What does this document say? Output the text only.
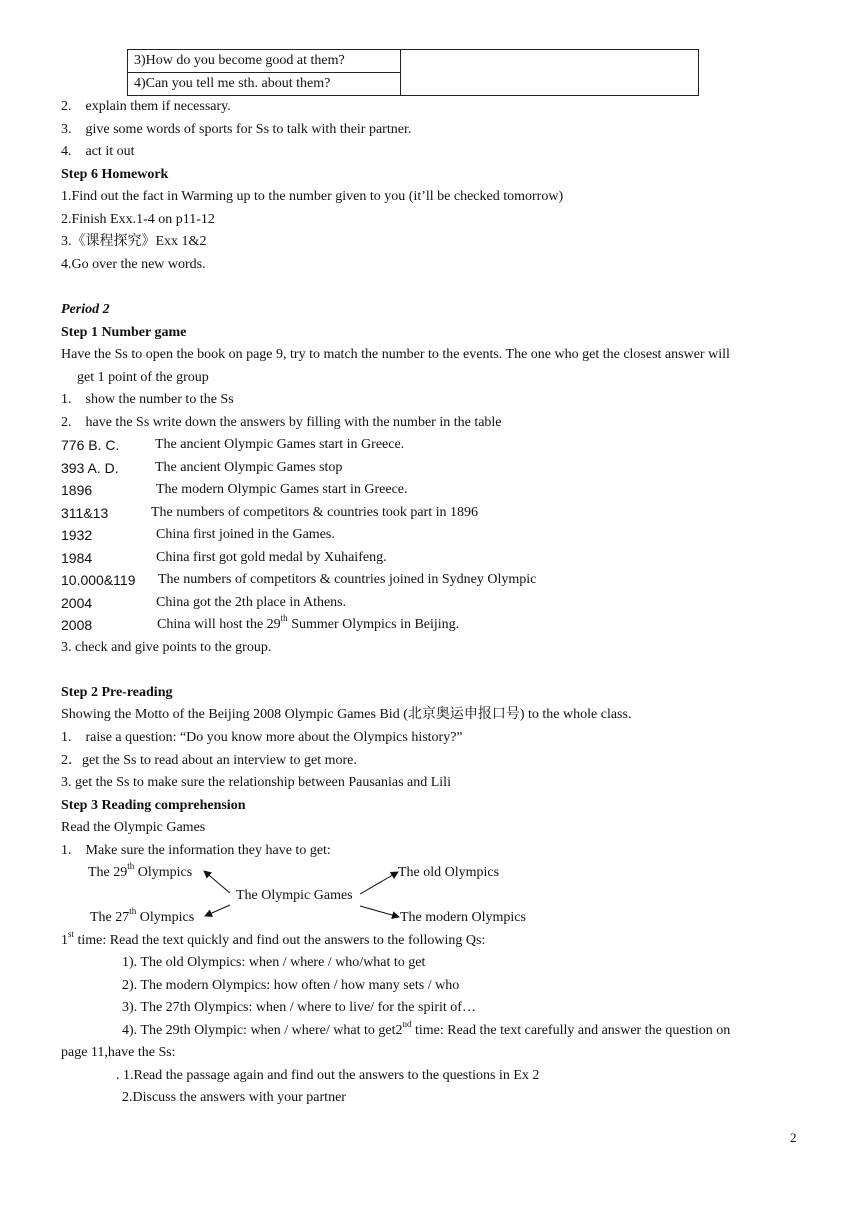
3)How do you become good at them?	
4)Can you tell me sth. about them?
2.    explain them if necessary.
3.    give some words of sports for Ss to talk with their partner.
4.    act it out
Step 6 Homework
1.Find out the fact in Warming up to the number given to you (it’ll be checked tomorrow)
2.Finish Exx.1-4 on p11-12
3.《课程探究》Exx 1&2
4.Go over the new words.
Period 2
Step 1 Number game
Have the Ss to open the book on page 9, try to match the number to the events. The one who get the closest answer will
get 1 point of the group
1.    show the number to the Ss
2.    have the Ss write down the answers by filling with the number in the table
776 B. C.	The ancient Olympic Games start in Greece.
393 A. D.	The ancient Olympic Games stop
1896	The modern Olympic Games start in Greece.
311&13	The numbers of competitors & countries took part in 1896
1932	China first joined in the Games.
1984	China first got gold medal by Xuhaifeng.
10.000&119 The numbers of competitors & countries joined in Sydney Olympic
2004	China got the 2th place in Athens.
2008	China will host the 29th Summer Olympics in Beijing.
3. check and give points to the group.
Step 2 Pre-reading
Showing the Motto of the Beijing 2008 Olympic Games Bid (北京奥运申报口号) to the whole class.
1.    raise a question: “Do you know more about the Olympics history?”
2．get the Ss to read about an interview to get more.
3. get the Ss to make sure the relationship between Pausanias and Lili
Step 3 Reading comprehension
Read the Olympic Games
1.    Make sure the information they have to get:
The 29th Olympics	The old Olympics
The Olympic Games
The 27th Olympics	The modern Olympics
1st time: Read the text quickly and find out the answers to the following Qs:
1). The old Olympics: when / where / who/what to get
2). The modern Olympics: how often / how many sets / who
3). The 27th Olympics: when / where to live/ for the spirit of…
4). The 29th Olympic: when / where/ what to get2nd time: Read the text carefully and answer the question on
page 11,have the Ss:
. 1.Read the passage again and find out the answers to the questions in Ex 2
2.Discuss the answers with your partner
2
